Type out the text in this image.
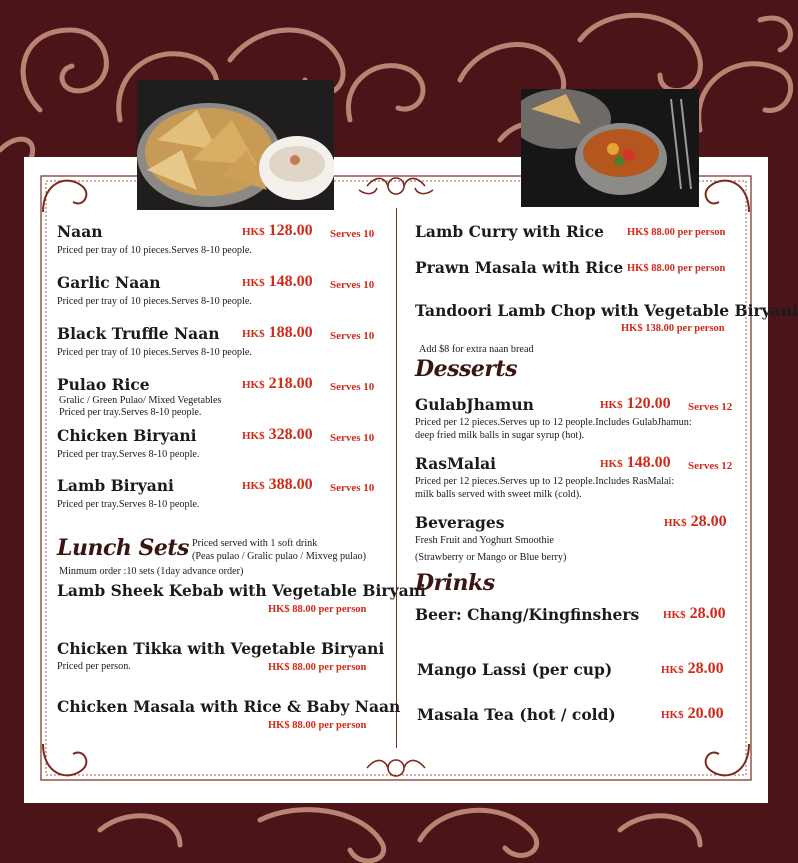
Naan	HK$ 128.00 Serves 10
Priced per tray of 10 pieces.Serves 8-10 people.
Garlic Naan	HK$ 148.00 Serves 10
Priced per tray of 10 pieces.Serves 8-10 people.
Black Truffle Naan HK$ 188.00 Serves 10
Priced per tray of 10 pieces.Serves 8-10 people.
Pulao Rice	HK$ 218.00 Serves 10
Gralic / Green Pulao/ Mixed Vegetables
Priced per tray.Serves 8-10 people.
Chicken Biryani	HK$ 328.00 Serves 10
Priced per tray.Serves 8-10 people.
Lamb Biryani	HK$ 388.00 Serves 10
Priced per tray.Serves 8-10 people.
Lunch Sets Priced served with 1 soft drink
(Peas pulao / Gralic pulao / Mixveg pulao)
Minmum order :10 sets (1day advance order)
Lamb Sheek Kebab with Vegetable Biryani
HK$ 88.00 per person
Chicken Tikka with Vegetable Biryani
Priced per person.	HK$ 88.00 per person
Chicken Masala with Rice & Baby Naan
HK$ 88.00 per person
Lamb Curry with Rice HK$ 88.00 per person
Prawn Masala with Rice HK$ 88.00 per person
Tandoori Lamb Chop with Vegetable Biryani
HK$ 138.00 per person
Add $8 for extra naan bread
Desserts
GulabJhamun	HK$ 120.00 Serves 12
Priced per 12 pieces.Serves up to 12 people.Includes GulabJhamun:
deep fried milk balls in sugar syrup (hot).
RasMalai	HK$ 148.00 Serves 12
Priced per 12 pieces.Serves up to 12 people.Includes RasMalai:
milk balls served with sweet milk (cold).
Beverages	HK$ 28.00
Fresh Fruit and Yoghurt Smoothie
(Strawberry or Mango or Blue berry)
Drinks
Beer: Chang/Kingfinshers HK$ 28.00
Mango Lassi (per cup)	HK$ 28.00
Masala Tea (hot / cold)	HK$ 20.00
